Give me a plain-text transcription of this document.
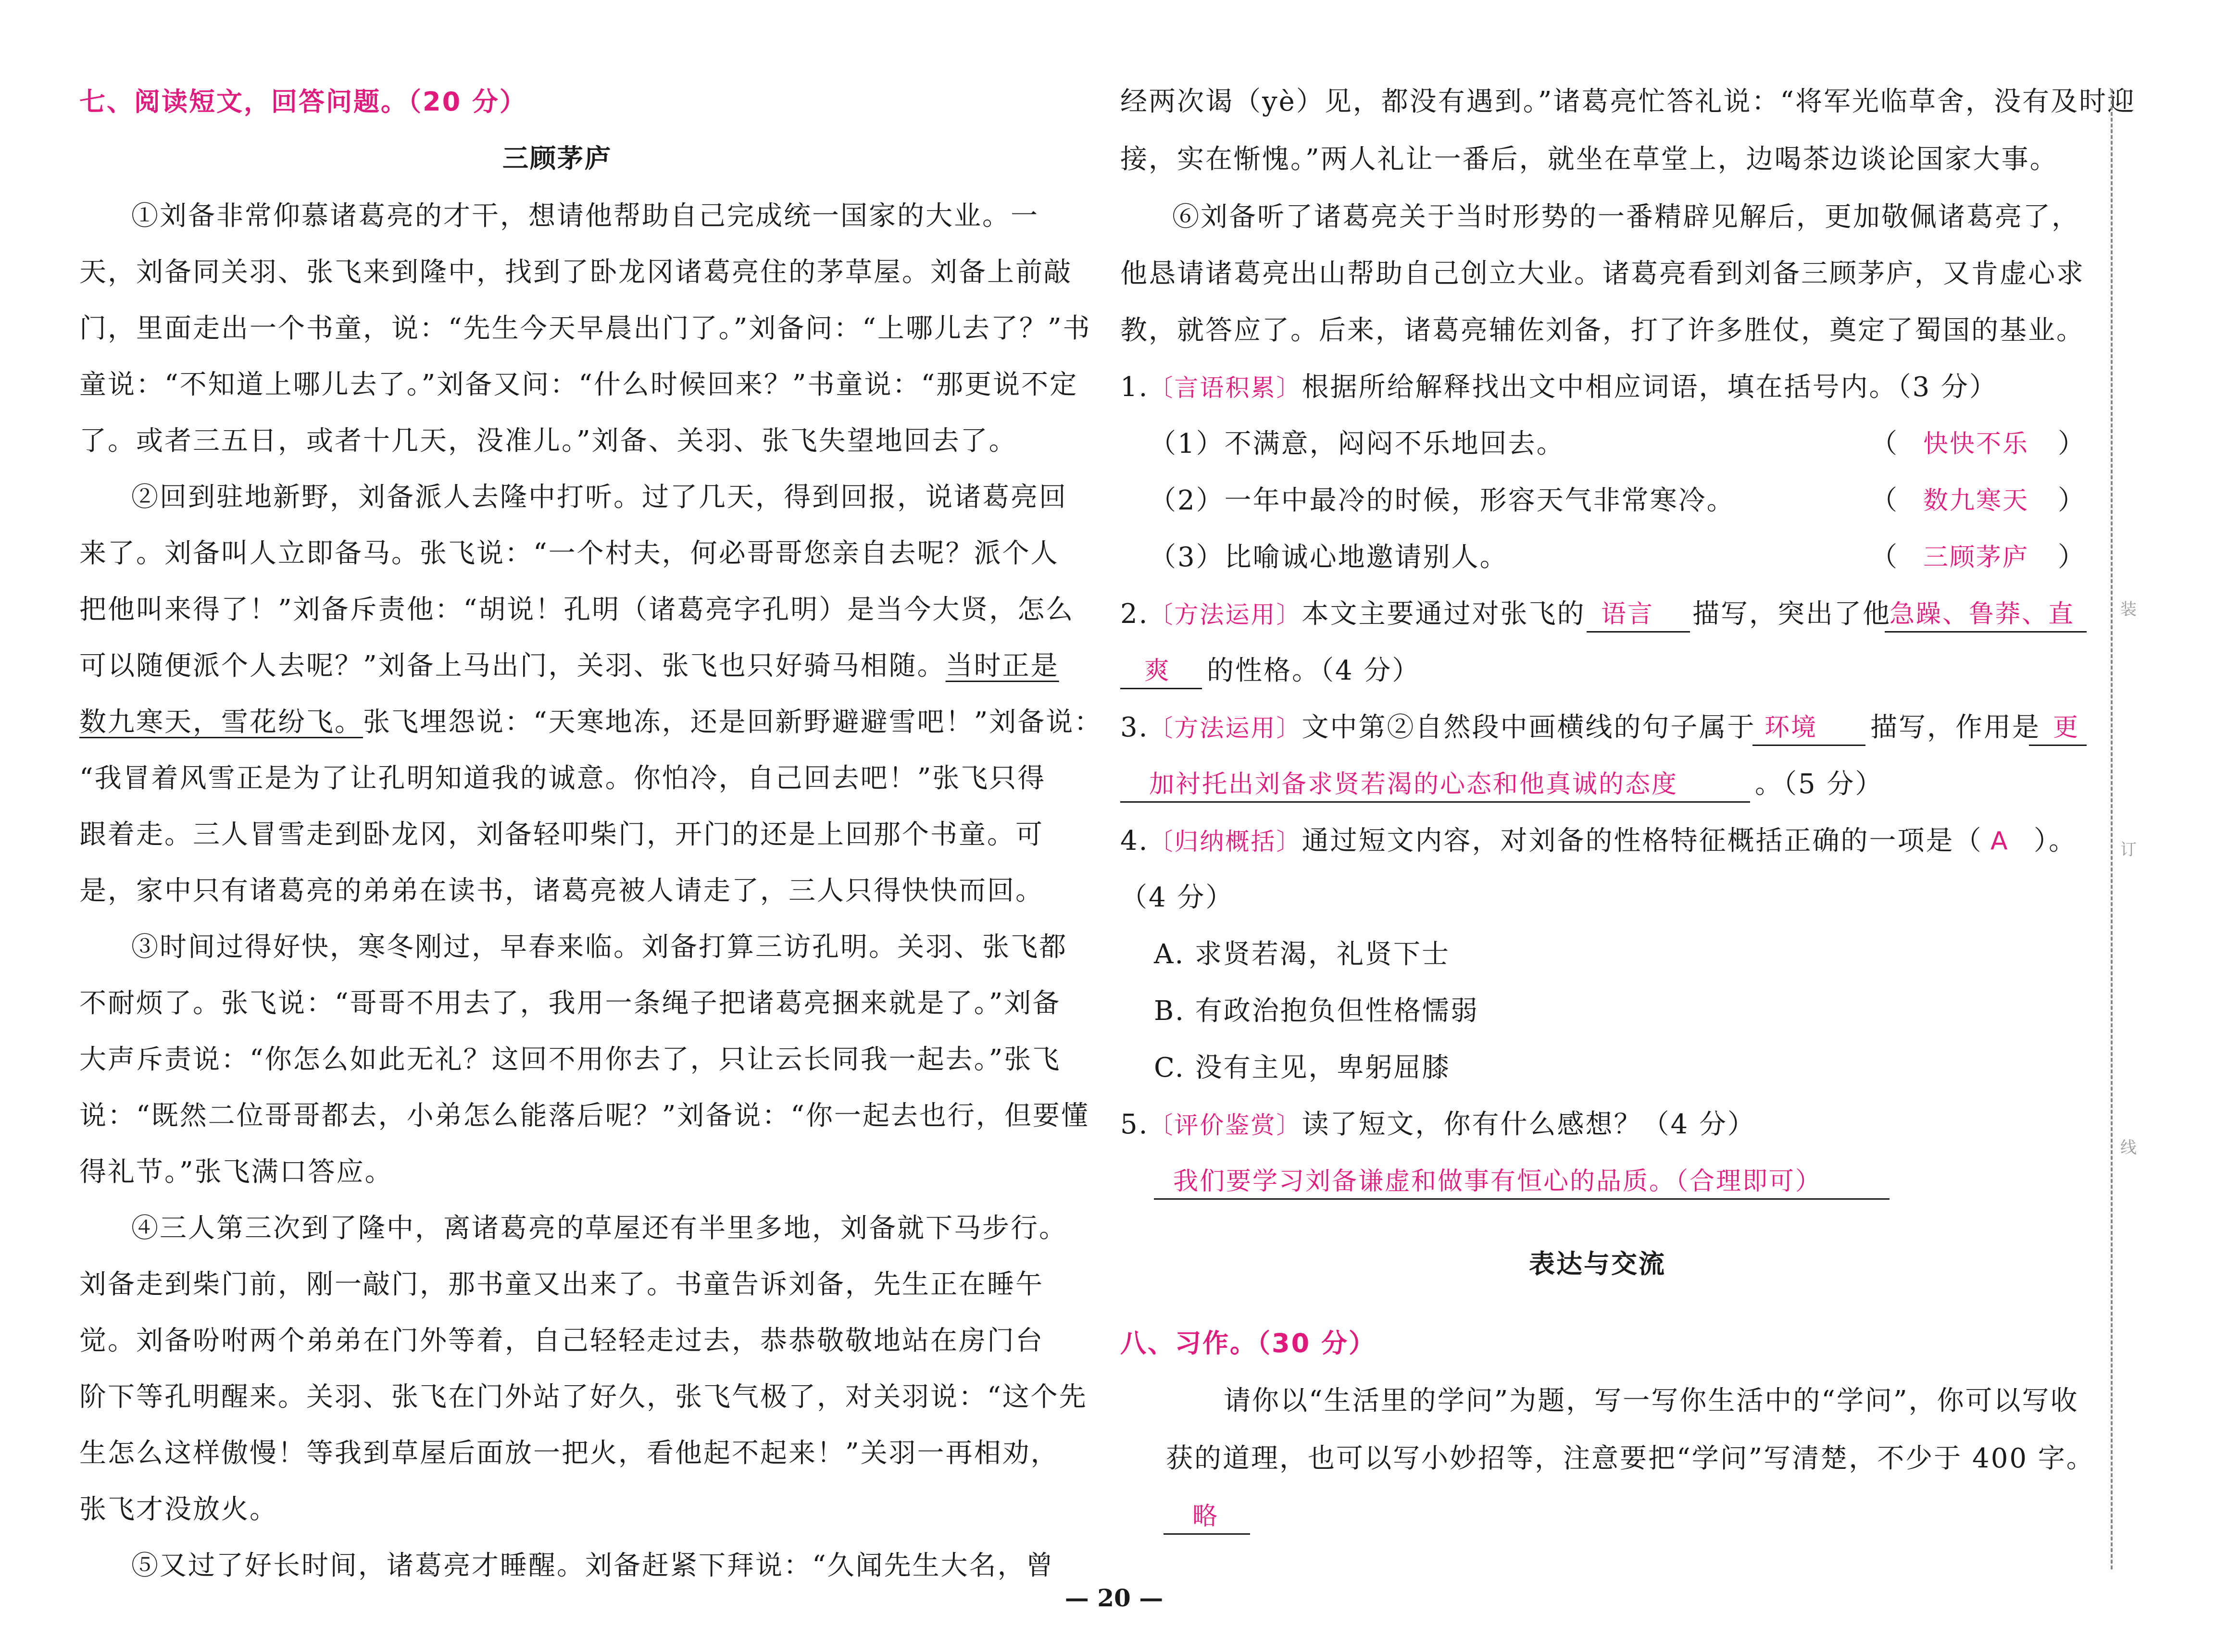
七、阅读短文，回答问题。（20 分）
三顾茅庐
①刘备非常仰慕诸葛亮的才干，想请他帮助自己完成统一国家的大业。一
天，刘备同关羽、张飞来到隆中，找到了卧龙冈诸葛亮住的茅草屋。刘备上前敲
门，里面走出一个书童，说：“先生今天早晨出门了。”刘备问：“上哪儿去了？”书
童说：“不知道上哪儿去了。”刘备又问：“什么时候回来？”书童说：“那更说不定
了。或者三五日，或者十几天，没准儿。”刘备、关羽、张飞失望地回去了。
②回到驻地新野，刘备派人去隆中打听。过了几天，得到回报，说诸葛亮回
来了。刘备叫人立即备马。张飞说：“一个村夫，何必哥哥您亲自去呢？派个人
把他叫来得了！”刘备斥责他：“胡说！孔明（诸葛亮字孔明）是当今大贤，怎么
可以随便派个人去呢？”刘备上马出门，关羽、张飞也只好骑马相随。当时正是
数九寒天，雪花纷飞。张飞埋怨说：“天寒地冻，还是回新野避避雪吧！”刘备说：
“我冒着风雪正是为了让孔明知道我的诚意。你怕冷，自己回去吧！”张飞只得
跟着走。三人冒雪走到卧龙冈，刘备轻叩柴门，开门的还是上回那个书童。可
是，家中只有诸葛亮的弟弟在读书，诸葛亮被人请走了，三人只得快快而回。
③时间过得好快，寒冬刚过，早春来临。刘备打算三访孔明。关羽、张飞都
不耐烦了。张飞说：“哥哥不用去了，我用一条绳子把诸葛亮捆来就是了。”刘备
大声斥责说：“你怎么如此无礼？这回不用你去了，只让云长同我一起去。”张飞
说：“既然二位哥哥都去，小弟怎么能落后呢？”刘备说：“你一起去也行，但要懂
得礼节。”张飞满口答应。
④三人第三次到了隆中，离诸葛亮的草屋还有半里多地，刘备就下马步行。
刘备走到柴门前，刚一敲门，那书童又出来了。书童告诉刘备，先生正在睡午
觉。刘备吩咐两个弟弟在门外等着，自己轻轻走过去，恭恭敬敬地站在房门台
阶下等孔明醒来。关羽、张飞在门外站了好久，张飞气极了，对关羽说：“这个先
生怎么这样傲慢！等我到草屋后面放一把火，看他起不起来！”关羽一再相劝，
张飞才没放火。
⑤又过了好长时间，诸葛亮才睡醒。刘备赶紧下拜说：“久闻先生大名，曾
经两次谒（yè）见，都没有遇到。”诸葛亮忙答礼说：“将军光临草舍，没有及时迎
接，实在惭愧。”两人礼让一番后，就坐在草堂上，边喝茶边谈论国家大事。
⑥刘备听了诸葛亮关于当时形势的一番精辟见解后，更加敬佩诸葛亮了，
他恳请诸葛亮出山帮助自己创立大业。诸葛亮看到刘备三顾茅庐，又肯虚心求
教，就答应了。后来，诸葛亮辅佐刘备，打了许多胜仗，奠定了蜀国的基业。
1.〔言语积累〕根据所给解释找出文中相应词语，填在括号内。（3 分）
（1）不满意，闷闷不乐地回去。	（ 快快不乐 ）
（2）一年中最冷的时候，形容天气非常寒冷。	（ 数九寒天 ）
（3）比喻诚心地邀请别人。	（ 三顾茅庐 ）
2.〔方法运用〕本文主要通过对张飞的 语言 描写，突出了他
急躁、鲁莽、直
爽 的性格。（4 分）
3.〔方法运用〕文中第②自然段中画横线的句子属于 环境 描写，作用是 更
加衬托出刘备求贤若渴的心态和他真诚的态度	。（5 分）
4.〔归纳概括〕通过短文内容，对刘备的性格特征概括正确的一项是（ A ）。
（4 分）
A. 求贤若渴，礼贤下士
B. 有政治抱负但性格懦弱
C. 没有主见，卑躬屈膝
5.〔评价鉴赏〕读了短文，你有什么感想？（4 分）
我们要学习刘备谦虚和做事有恒心的品质。（合理即可）
表达与交流
八、习作。（30 分）
请你以“生活里的学问”为题，写一写你生活中的“学问”，你可以写收
获的道理，也可以写小妙招等，注意要把“学问”写清楚，不少于 400 字。
略
装
订
线
— 20 —
